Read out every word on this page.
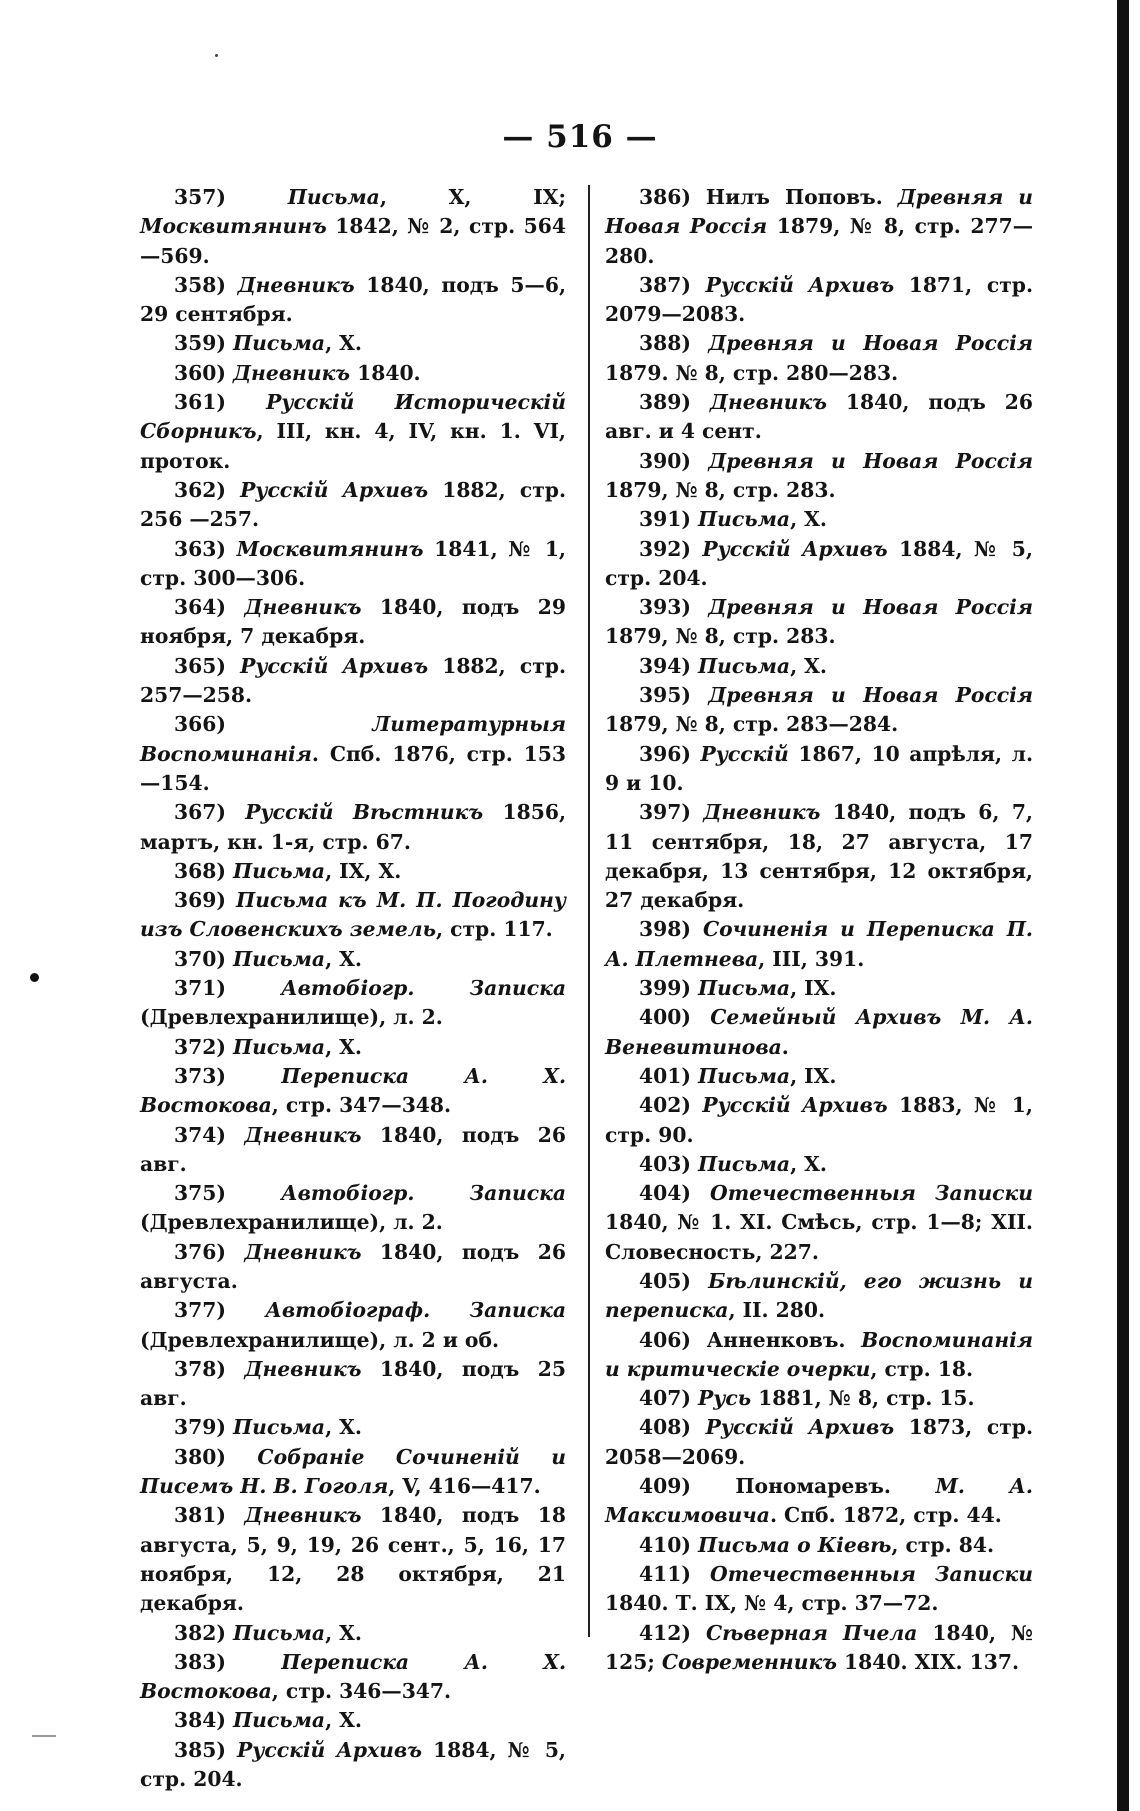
— 516 —

357)	Письма, X, IX; Москвитянинъ 1842, № 2, стр. 564—569.

358) Дневникъ 1840, подъ 5—6, 29 сентября.

359) Письма, X.

360) Дневникъ 1840.

361) Русскій Историческій Сборникъ, III, кн. 4, IV, кн. 1. VI, проток.

362) Русскій Архивъ 1882, стр. 256 —257.

363) Москвитянинъ 1841, № 1, стр. 300—306.

364) Дневникъ 1840, подъ 29 ноября, 7 декабря.

365) Русскій Архивъ 1882, стр. 257—258.

366)	Литературныя Воспоминанія. Спб. 1876, стр. 153—154.

367) Русскій Вѣстникъ 1856, мартъ, кн. 1-я, стр. 67.

368) Письма, IX, X.

369) Письма къ М. П. Погодину изъ Словенскихъ земель, стр. 117.

370) Письма, X.

371)	Автобіогр. Записка (Древлехранилище), л. 2.

372) Письма, X.

373)	Переписка А. X. Востокова, стр. 347—348.

374) Дневникъ 1840, подъ 26 авг.

375)	Автобіогр. Записка (Древлехранилище), л. 2.

376) Дневникъ 1840, подъ 26 августа.

377) Автобіограф. Записка (Древлехранилище), л. 2 и об.

378) Дневникъ 1840, подъ 25 авг.

379) Письма, X.

380) Собраніе Сочиненій и Писемъ Н. В. Гоголя, V, 416—417.

381) Дневникъ 1840, подъ 18 августа, 5, 9, 19, 26 сент., 5, 16, 17 ноября, 12, 28 октября, 21 декабря.

382) Письма, X.

383)	Переписка А. X. Востокова, стр. 346—347.

384) Письма, X.

385) Русскій Архивъ 1884, № 5, стр. 204.

386) Нилъ Поповъ. Древняя и Новая Россія 1879, № 8, стр. 277—280.

387) Русскій Архивъ 1871, стр. 2079—2083.

388) Древняя и Новая Россія 1879. № 8, стр. 280—283.

389) Дневникъ 1840, подъ 26 авг. и 4 сент.

390) Древняя и Новая Россія 1879, № 8, стр. 283.

391) Письма, X.

392) Русскій Архивъ 1884, № 5, стр. 204.

393) Древняя и Новая Россія 1879, № 8, стр. 283.

394) Письма, X.

395) Древняя и Новая Россія 1879, № 8, стр. 283—284.

396) Русскій 1867, 10 апрѣля, л. 9 и 10.

397) Дневникъ 1840, подъ 6, 7, 11 сентября, 18, 27 августа, 17 декабря, 13 сентября, 12 октября, 27 декабря.

398) Сочиненія и Переписка П. А. Плетнева, III, 391.

399) Письма, IX.

400) Семейный Архивъ М. А. Веневитинова.

401) Письма, IX.

402) Русскій Архивъ 1883, № 1, стр. 90.

403) Письма, X.

404) Отечественныя Записки 1840, № 1. XI. Смѣсь, стр. 1—8; XII. Словесность, 227.

405) Бѣлинскій, его жизнь и переписка, II. 280.

406) Анненковъ. Воспоминанія и критическіе очерки, стр. 18.

407) Русь 1881, № 8, стр. 15.

408) Русскій Архивъ 1873, стр. 2058—2069.

409) Пономаревъ. М. А. Максимовича. Спб. 1872, стр. 44.

410) Письма о Кіевѣ, стр. 84.

411) Отечественныя Записки 1840. Т. IX, № 4, стр. 37—72.

412) Сѣверная Пчела 1840, № 125; Современникъ 1840. XIX. 137.
